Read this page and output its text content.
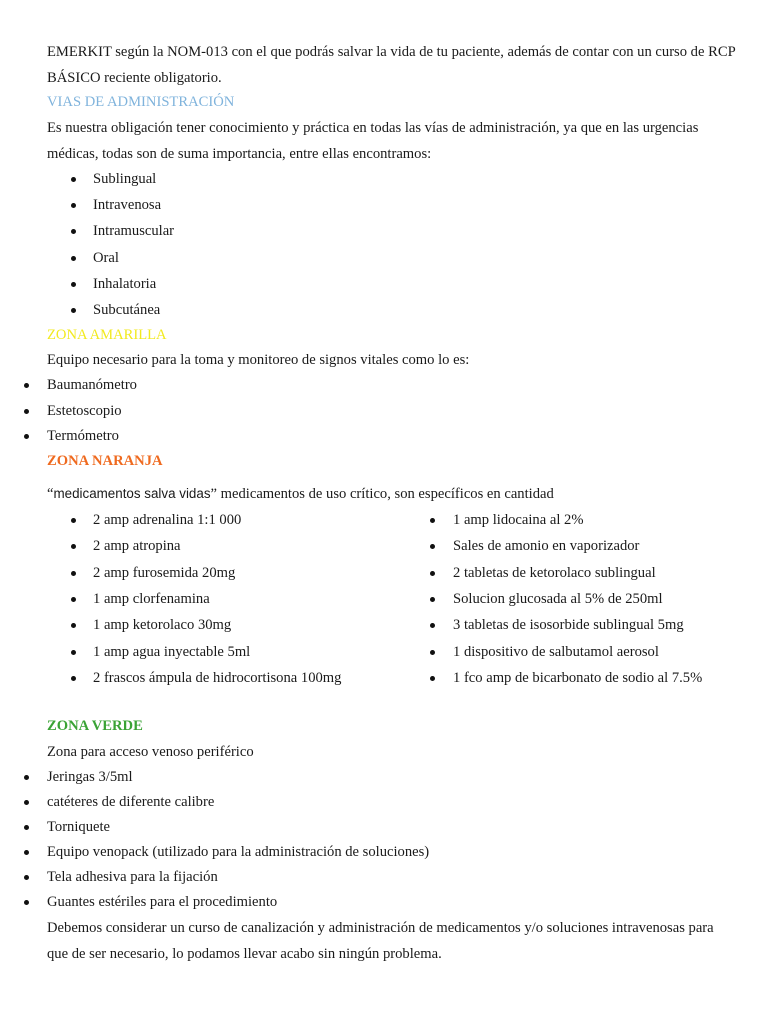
EMERKIT según la NOM-013 con el que podrás salvar la vida de tu paciente, además de contar con un curso de RCP BÁSICO reciente obligatorio.

VIAS DE ADMINISTRACIÓN

Es nuestra obligación tener conocimiento y práctica en todas las vías de administración, ya que en las urgencias médicas, todas son de suma importancia, entre ellas encontramos:

Sublingual
Intravenosa
Intramuscular
Oral
Inhalatoria
Subcutánea
ZONA AMARILLA

Equipo necesario para la toma y monitoreo de signos vitales como lo es:

Baumanómetro
Estetoscopio
Termómetro
ZONA NARANJA
“medicamentos salva vidas” medicamentos de uso crítico, son específicos en cantidad
2 amp adrenalina 1:1 000
2 amp atropina
2 amp furosemida 20mg
1 amp clorfenamina
1 amp ketorolaco 30mg
1 amp agua inyectable 5ml
2 frascos ámpula de hidrocortisona 100mg
1 amp lidocaina al 2%
Sales de amonio en vaporizador
2 tabletas de ketorolaco sublingual
Solucion glucosada al 5% de 250ml
3 tabletas de isosorbide sublingual 5mg
1 dispositivo de salbutamol aerosol
1 fco amp de bicarbonato de sodio al 7.5%
ZONA VERDE

Zona para acceso venoso periférico

Jeringas 3/5ml
catéteres de diferente calibre
Torniquete
Equipo venopack (utilizado para la administración de soluciones)
Tela adhesiva para la fijación
Guantes estériles para el procedimiento

Debemos considerar un curso de canalización y administración de medicamentos y/o soluciones intravenosas para que de ser necesario, lo podamos llevar acabo sin ningún problema.
